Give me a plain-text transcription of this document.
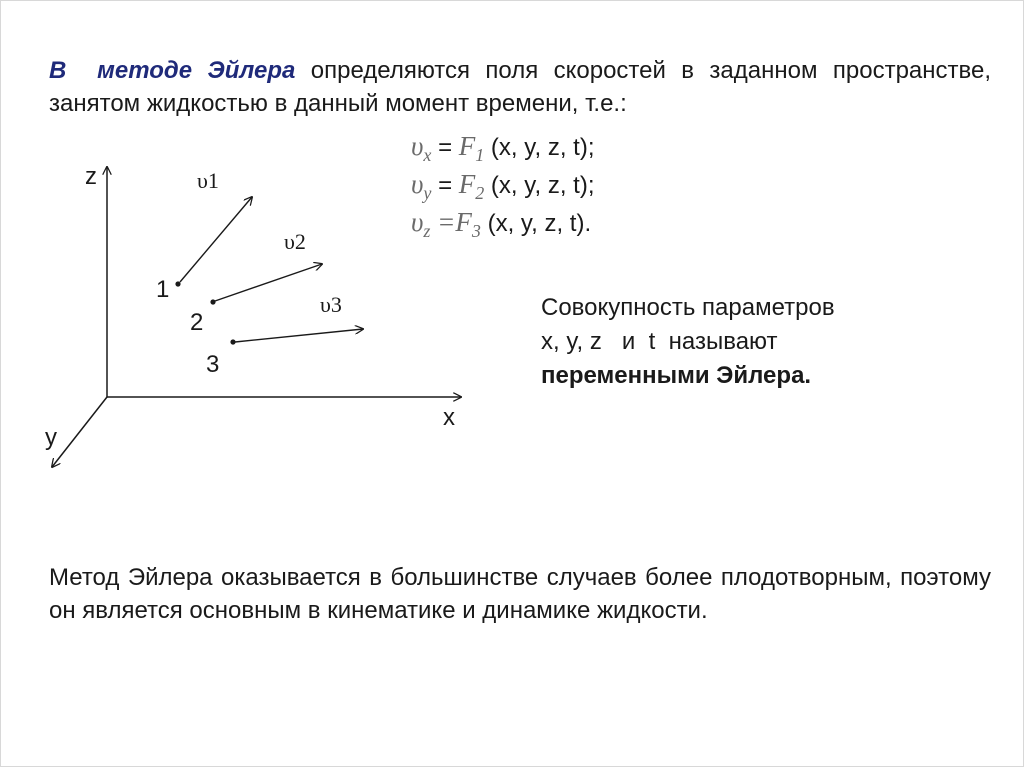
В методе Эйлера определяются поля скоростей в заданном пространстве, занятом жидкостью в данный момент времени, т.е.:
$\upsilon_x = F_1$ (x, y, z, t);
$\upsilon_y = F_2$ (x, y, z, t);
$\upsilon_z =F_3$ (x, y, z, t).
z
x
y
1
υ1
2
υ2
3
υ3	Совокупность параметров
x, y, z   и  t  называют
переменными Эйлера.
Метод Эйлера оказывается в большинстве случаев более плодотворным, поэтому он является основным в кинематике и динамике жидкости.
